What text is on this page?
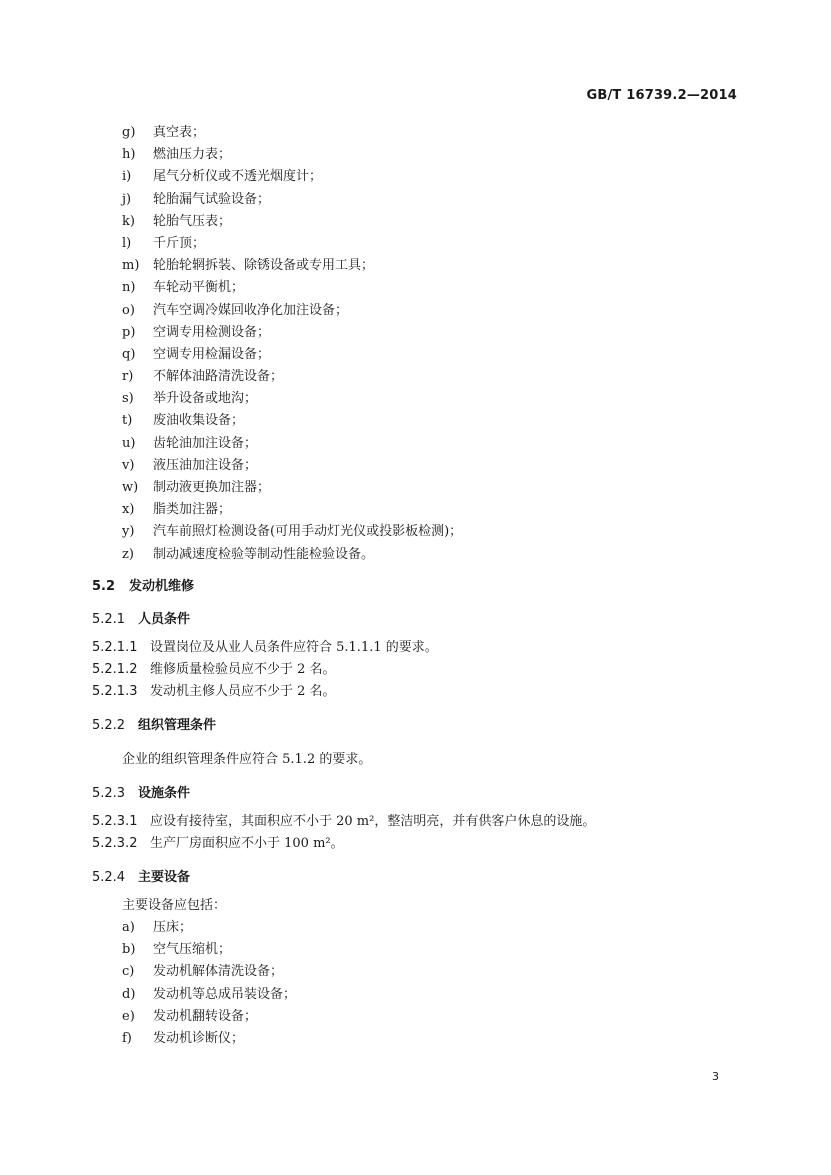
GB/T 16739.2—2014
g) 真空表；
h) 燃油压力表；
i) 尾气分析仪或不透光烟度计；
j) 轮胎漏气试验设备；
k) 轮胎气压表；
l) 千斤顶；
m) 轮胎轮辋拆装、除锈设备或专用工具；
n) 车轮动平衡机；
o) 汽车空调冷媒回收净化加注设备；
p) 空调专用检测设备；
q) 空调专用检漏设备；
r) 不解体油路清洗设备；
s) 举升设备或地沟；
t) 废油收集设备；
u) 齿轮油加注设备；
v) 液压油加注设备；
w) 制动液更换加注器；
x) 脂类加注器；
y) 汽车前照灯检测设备(可用手动灯光仪或投影板检测)；
z) 制动减速度检验等制动性能检验设备。
5.2 发动机维修
5.2.1 人员条件
5.2.1.1 设置岗位及从业人员条件应符合 5.1.1.1 的要求。
5.2.1.2 维修质量检验员应不少于 2 名。
5.2.1.3 发动机主修人员应不少于 2 名。
5.2.2 组织管理条件
企业的组织管理条件应符合 5.1.2 的要求。
5.2.3 设施条件
5.2.3.1 应设有接待室，其面积应不小于 20 m²，整洁明亮，并有供客户休息的设施。
5.2.3.2 生产厂房面积应不小于 100 m²。
5.2.4 主要设备
主要设备应包括：
a) 压床；
b) 空气压缩机；
c) 发动机解体清洗设备；
d) 发动机等总成吊装设备；
e) 发动机翻转设备；
f) 发动机诊断仪；
3
